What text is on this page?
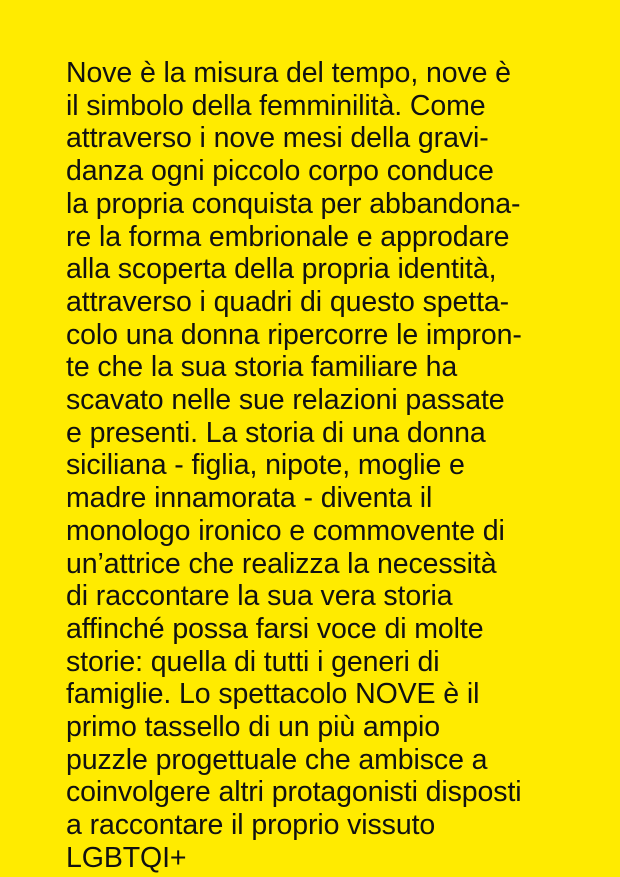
Nove è la misura del tempo, nove è
il simbolo della femminilità. Come
attraverso i nove mesi della gravi-
danza ogni piccolo corpo conduce
la propria conquista per abbandona-
re la forma embrionale e approdare
alla scoperta della propria identità,
attraverso i quadri di questo spetta-
colo una donna ripercorre le impron-
te che la sua storia familiare ha
scavato nelle sue relazioni passate
e presenti. La storia di una donna
siciliana - figlia, nipote, moglie e
madre innamorata - diventa il
monologo ironico e commovente di
un’attrice che realizza la necessità
di raccontare la sua vera storia
affinché possa farsi voce di molte
storie: quella di tutti i generi di
famiglie. Lo spettacolo NOVE è il
primo tassello di un più ampio
puzzle progettuale che ambisce a
coinvolgere altri protagonisti disposti
a raccontare il proprio vissuto
LGBTQI+
